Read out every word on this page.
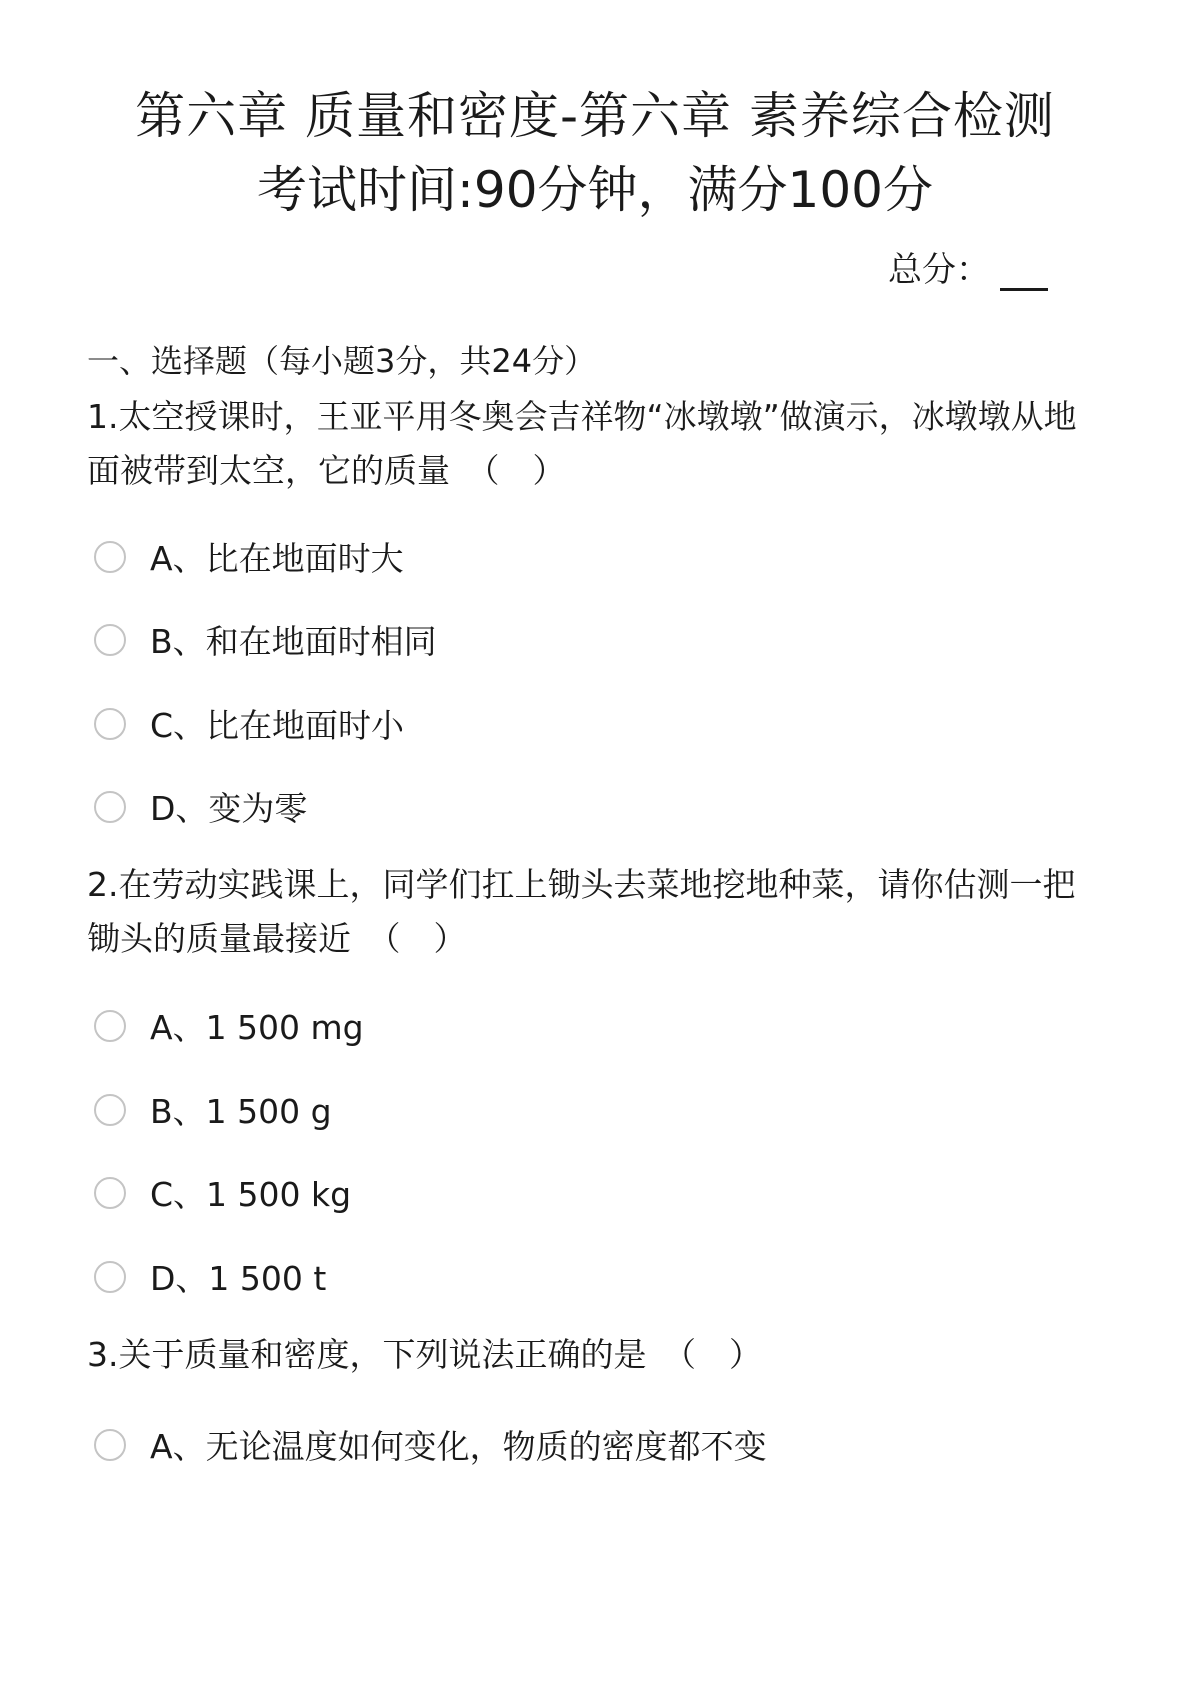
第六章 质量和密度-第六章 素养综合检测
考试时间:90分钟，满分100分
总分：
一、选择题（每小题3分，共24分）
1.太空授课时，王亚平用冬奥会吉祥物“冰墩墩”做演示，冰墩墩从地面被带到太空，它的质量　（　）
A、比在地面时大
B、和在地面时相同
C、比在地面时小
D、变为零
2.在劳动实践课上，同学们扛上锄头去菜地挖地种菜，请你估测一把锄头的质量最接近　（　）
A、1 500 mg
B、1 500 g
C、1 500 kg
D、1 500 t
3.关于质量和密度，下列说法正确的是　（　）
A、无论温度如何变化，物质的密度都不变
